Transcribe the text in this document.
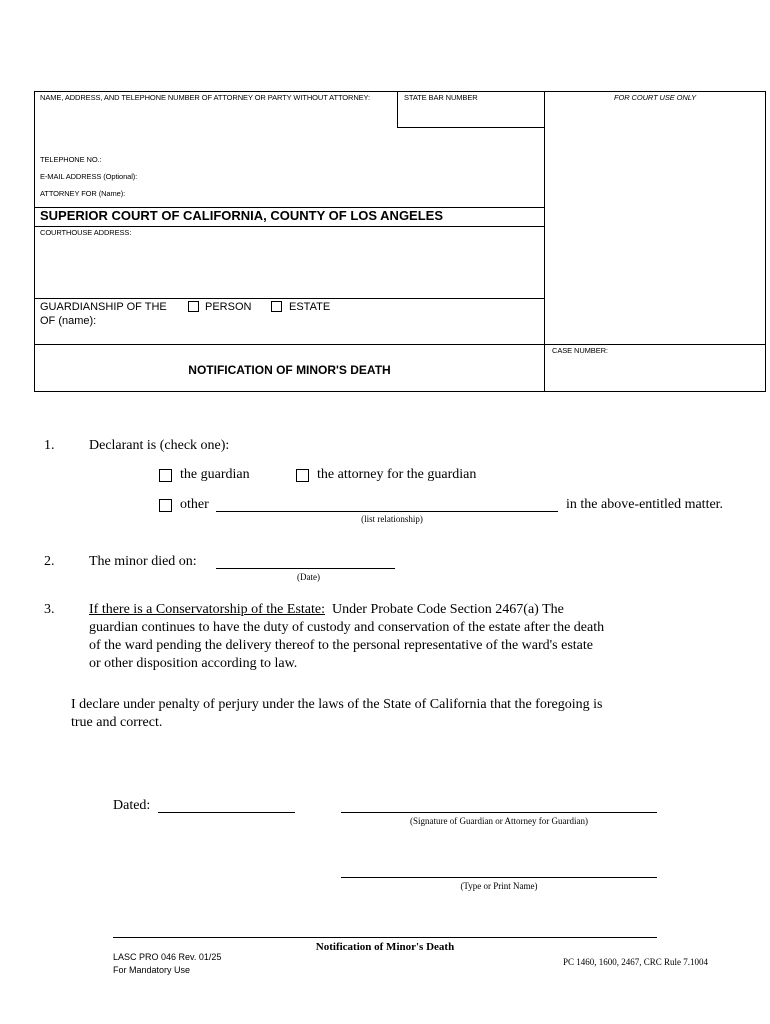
NAME, ADDRESS, AND TELEPHONE NUMBER OF ATTORNEY OR PARTY WITHOUT ATTORNEY:	STATE BAR NUMBER	FOR COURT USE ONLY
TELEPHONE NO.:
E-MAIL ADDRESS (Optional):
ATTORNEY FOR (Name):
SUPERIOR COURT OF CALIFORNIA, COUNTY OF LOS ANGELES
COURTHOUSE ADDRESS:
GUARDIANSHIP OF THE
OF (name):
PERSON	ESTATE
CASE NUMBER:
NOTIFICATION OF MINOR'S DEATH
1. Declarant is (check one):
the guardian	the attorney for the guardian
other	in the above-entitled matter.
(list relationship)
2. The minor died on:
(Date)
3. If there is a Conservatorship of the Estate: Under Probate Code Section 2467(a) The
guardian continues to have the duty of custody and conservation of the estate after the death
of the ward pending the delivery thereof to the personal representative of the ward's estate
or other disposition according to law.
I declare under penalty of perjury under the laws of the State of California that the foregoing is
true and correct.
Dated:
(Signature of Guardian or Attorney for Guardian)
(Type or Print Name)
Notification of Minor's Death
LASC PRO 046 Rev. 01/25
For Mandatory Use
PC 1460, 1600, 2467, CRC Rule 7.1004
